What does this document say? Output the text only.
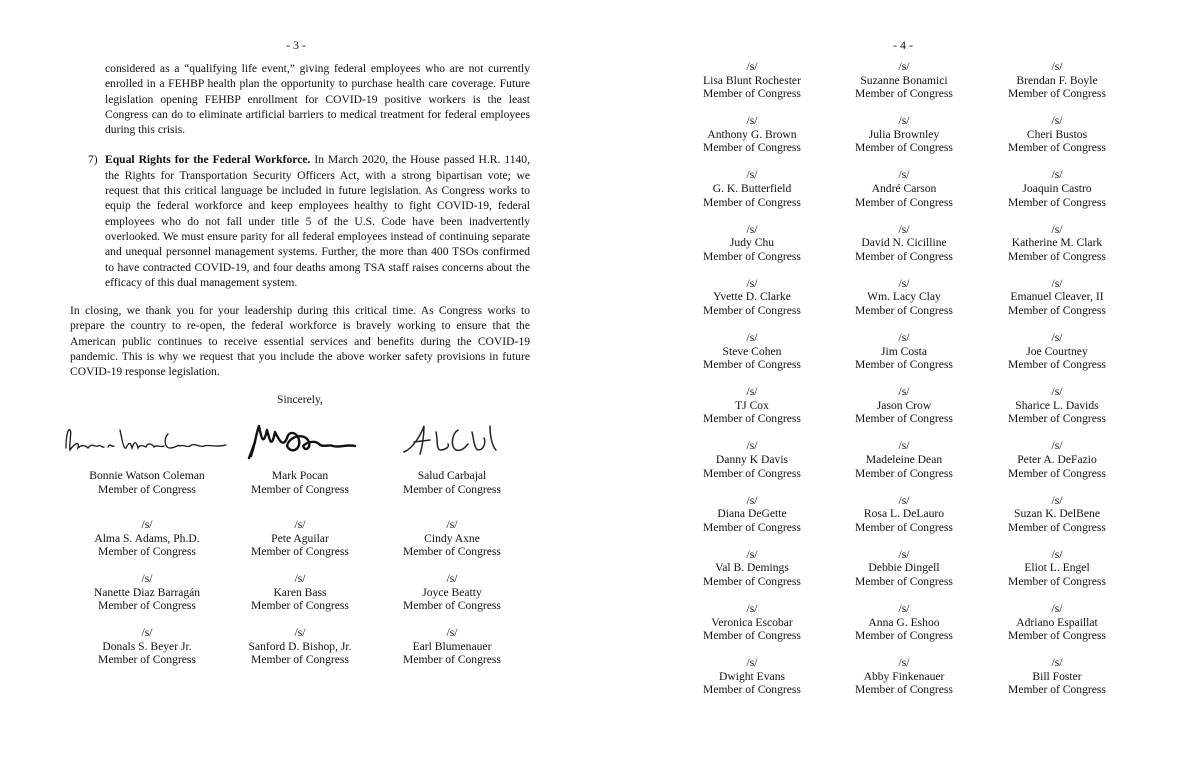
- 3 -
considered as a “qualifying life event,” giving federal employees who are not currently enrolled in a FEHBP health plan the opportunity to purchase health care coverage. Future legislation opening FEHBP enrollment for COVID-19 positive workers is the least Congress can do to eliminate artificial barriers to medical treatment for federal employees during this crisis.
7) Equal Rights for the Federal Workforce. In March 2020, the House passed H.R. 1140, the Rights for Transportation Security Officers Act, with a strong bipartisan vote; we request that this critical language be included in future legislation. As Congress works to equip the federal workforce and keep employees healthy to fight COVID-19, federal employees who do not fall under title 5 of the U.S. Code have been inadvertently overlooked. We must ensure parity for all federal employees instead of continuing separate and unequal personnel management systems. Further, the more than 400 TSOs confirmed to have contracted COVID-19, and four deaths among TSA staff raises concerns about the efficacy of this dual management system.
In closing, we thank you for your leadership during this critical time. As Congress works to prepare the country to re-open, the federal workforce is bravely working to ensure that the American public continues to receive essential services and benefits during the COVID-19 pandemic. This is why we request that you include the above worker safety provisions in future COVID-19 response legislation.
Sincerely,
Bonnie Watson Coleman
Member of Congress
Mark Pocan
Member of Congress
Salud Carbajal
Member of Congress
/s/
Alma S. Adams, Ph.D.
Member of Congress
/s/
Pete Aguilar
Member of Congress
/s/
Cindy Axne
Member of Congress
/s/
Nanette Diaz Barragán
Member of Congress
/s/
Karen Bass
Member of Congress
/s/
Joyce Beatty
Member of Congress
/s/
Donals S. Beyer Jr.
Member of Congress
/s/
Sanford D. Bishop, Jr.
Member of Congress
/s/
Earl Blumenauer
Member of Congress
- 4 -
/s/
Lisa Blunt Rochester
Member of Congress
/s/
Suzanne Bonamici
Member of Congress
/s/
Brendan F. Boyle
Member of Congress
/s/
Anthony G. Brown
Member of Congress
/s/
Julia Brownley
Member of Congress
/s/
Cheri Bustos
Member of Congress
/s/
G. K. Butterfield
Member of Congress
/s/
André Carson
Member of Congress
/s/
Joaquin Castro
Member of Congress
/s/
Judy Chu
Member of Congress
/s/
David N. Cicilline
Member of Congress
/s/
Katherine M. Clark
Member of Congress
/s/
Yvette D. Clarke
Member of Congress
/s/
Wm. Lacy Clay
Member of Congress
/s/
Emanuel Cleaver, II
Member of Congress
/s/
Steve Cohen
Member of Congress
/s/
Jim Costa
Member of Congress
/s/
Joe Courtney
Member of Congress
/s/
TJ Cox
Member of Congress
/s/
Jason Crow
Member of Congress
/s/
Sharice L. Davids
Member of Congress
/s/
Danny K Davis
Member of Congress
/s/
Madeleine Dean
Member of Congress
/s/
Peter A. DeFazio
Member of Congress
/s/
Diana DeGette
Member of Congress
/s/
Rosa L. DeLauro
Member of Congress
/s/
Suzan K. DelBene
Member of Congress
/s/
Val B. Demings
Member of Congress
/s/
Debbie Dingell
Member of Congress
/s/
Eliot L. Engel
Member of Congress
/s/
Veronica Escobar
Member of Congress
/s/
Anna G. Eshoo
Member of Congress
/s/
Adriano Espaillat
Member of Congress
/s/
Dwight Evans
Member of Congress
/s/
Abby Finkenauer
Member of Congress
/s/
Bill Foster
Member of Congress
